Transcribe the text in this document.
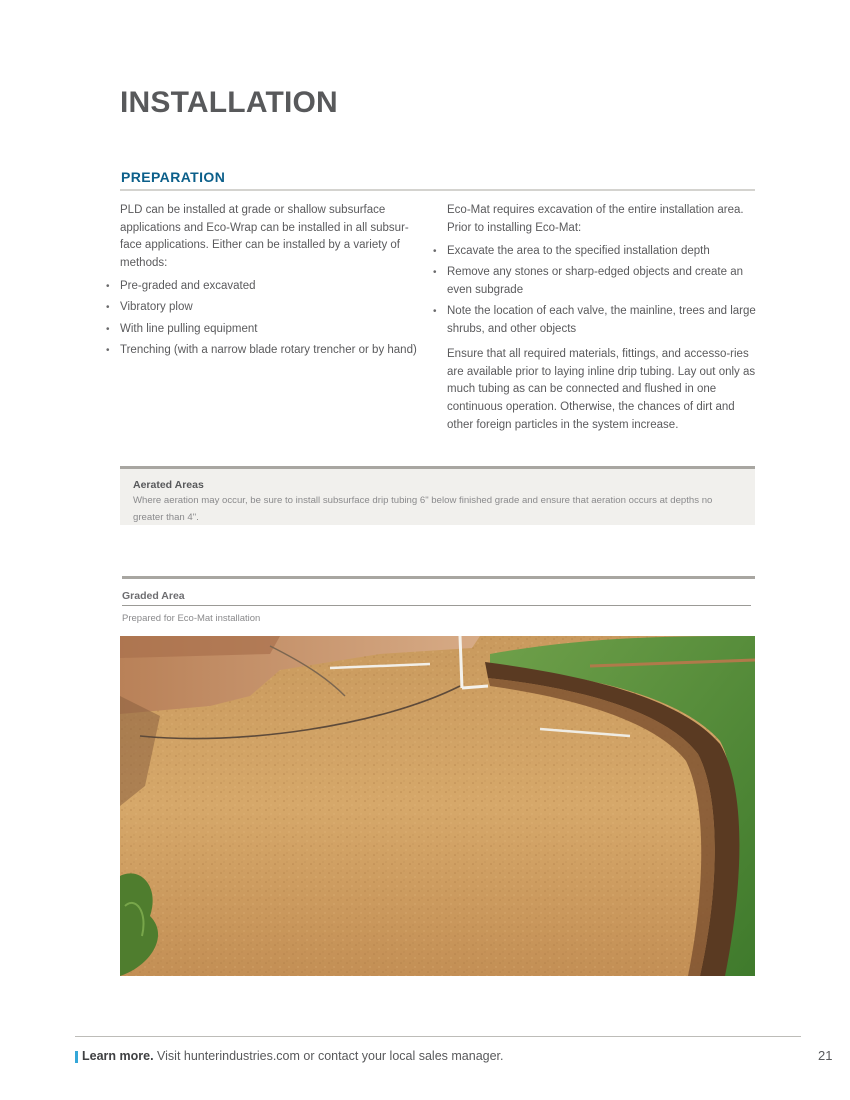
INSTALLATION
PREPARATION

PLD can be installed at grade or shallow subsurface applications and Eco-Wrap can be installed in all subsur-face applications. Either can be installed by a variety of methods:

• Pre-graded and excavated
• Vibratory plow
• With line pulling equipment
• Trenching (with a narrow blade rotary trencher or by hand)

Eco-Mat requires excavation of the entire installation area. Prior to installing Eco-Mat:

• Excavate the area to the specified installation depth
• Remove any stones or sharp-edged objects and create an even subgrade
• Note the location of each valve, the mainline, trees and large shrubs, and other objects

Ensure that all required materials, fittings, and accesso-ries are available prior to laying inline drip tubing. Lay out only as much tubing as can be connected and flushed in one continuous operation. Otherwise, the chances of dirt and other foreign particles in the system increase.

Aerated Areas
Where aeration may occur, be sure to install subsurface drip tubing 6" below finished grade and ensure that aeration occurs at depths no greater than 4".
Graded Area
Prepared for Eco-Mat installation
Learn more. Visit hunterindustries.com or contact your local sales manager.	21
